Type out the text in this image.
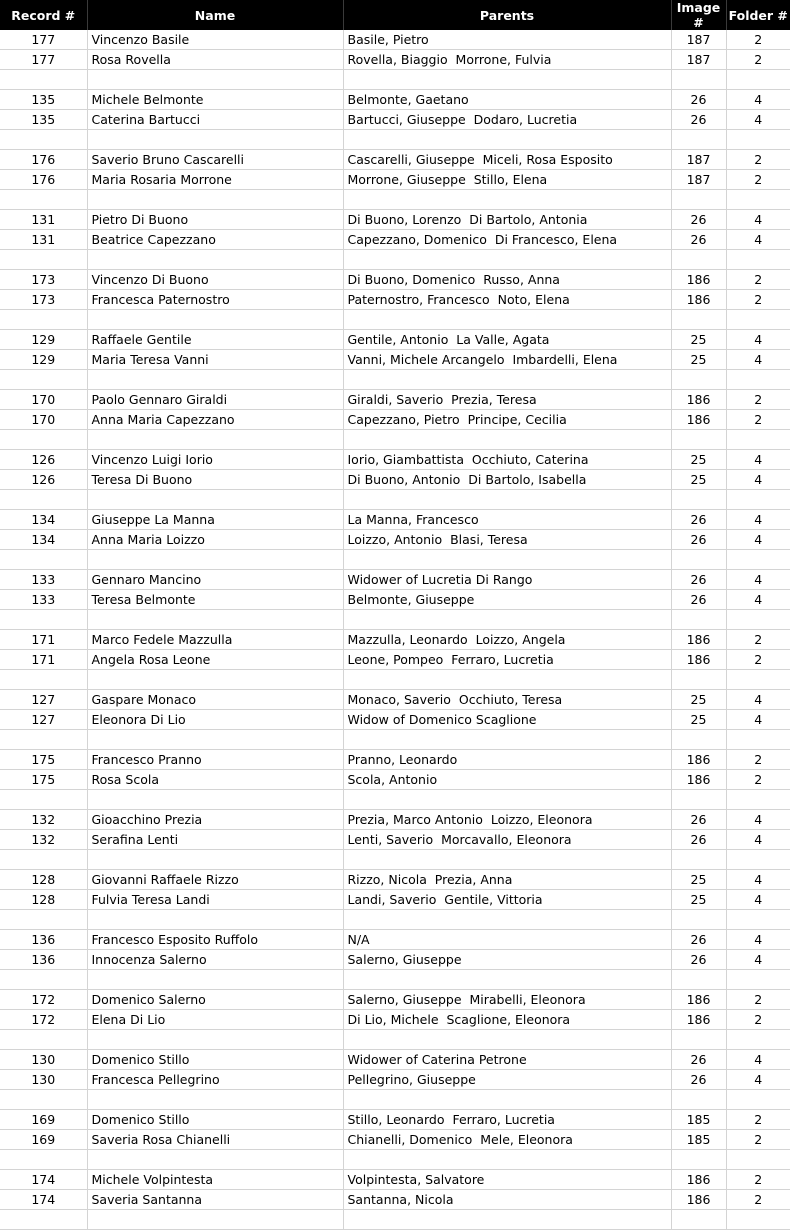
Record #	Name	Parents	Image #	Folder #
177	Vincenzo Basile	Basile, Pietro	187	2
177	Rosa Rovella	Rovella, Biaggio  Morrone, Fulvia	187	2

135	Michele Belmonte	Belmonte, Gaetano	26	4
135	Caterina Bartucci	Bartucci, Giuseppe  Dodaro, Lucretia	26	4

176	Saverio Bruno Cascarelli	Cascarelli, Giuseppe  Miceli, Rosa Esposito	187	2
176	Maria Rosaria Morrone	Morrone, Giuseppe  Stillo, Elena	187	2

131	Pietro Di Buono	Di Buono, Lorenzo  Di Bartolo, Antonia	26	4
131	Beatrice Capezzano	Capezzano, Domenico  Di Francesco, Elena	26	4

173	Vincenzo Di Buono	Di Buono, Domenico  Russo, Anna	186	2
173	Francesca Paternostro	Paternostro, Francesco  Noto, Elena	186	2

129	Raffaele Gentile	Gentile, Antonio  La Valle, Agata	25	4
129	Maria Teresa Vanni	Vanni, Michele Arcangelo  Imbardelli, Elena	25	4

170	Paolo Gennaro Giraldi	Giraldi, Saverio  Prezia, Teresa	186	2
170	Anna Maria Capezzano	Capezzano, Pietro  Principe, Cecilia	186	2

126	Vincenzo Luigi Iorio	Iorio, Giambattista  Occhiuto, Caterina	25	4
126	Teresa Di Buono	Di Buono, Antonio  Di Bartolo, Isabella	25	4

134	Giuseppe La Manna	La Manna, Francesco	26	4
134	Anna Maria Loizzo	Loizzo, Antonio  Blasi, Teresa	26	4

133	Gennaro Mancino	Widower of Lucretia Di Rango	26	4
133	Teresa Belmonte	Belmonte, Giuseppe	26	4

171	Marco Fedele Mazzulla	Mazzulla, Leonardo  Loizzo, Angela	186	2
171	Angela Rosa Leone	Leone, Pompeo  Ferraro, Lucretia	186	2

127	Gaspare Monaco	Monaco, Saverio  Occhiuto, Teresa	25	4
127	Eleonora Di Lio	Widow of Domenico Scaglione	25	4

175	Francesco Pranno	Pranno, Leonardo	186	2
175	Rosa Scola	Scola, Antonio	186	2

132	Gioacchino Prezia	Prezia, Marco Antonio  Loizzo, Eleonora	26	4
132	Serafina Lenti	Lenti, Saverio  Morcavallo, Eleonora	26	4

128	Giovanni Raffaele Rizzo	Rizzo, Nicola  Prezia, Anna	25	4
128	Fulvia Teresa Landi	Landi, Saverio  Gentile, Vittoria	25	4

136	Francesco Esposito Ruffolo	N/A	26	4
136	Innocenza Salerno	Salerno, Giuseppe	26	4

172	Domenico Salerno	Salerno, Giuseppe  Mirabelli, Eleonora	186	2
172	Elena Di Lio	Di Lio, Michele  Scaglione, Eleonora	186	2

130	Domenico Stillo	Widower of Caterina Petrone	26	4
130	Francesca Pellegrino	Pellegrino, Giuseppe	26	4

169	Domenico Stillo	Stillo, Leonardo  Ferraro, Lucretia	185	2
169	Saveria Rosa Chianelli	Chianelli, Domenico  Mele, Eleonora	185	2

174	Michele Volpintesta	Volpintesta, Salvatore	186	2
174	Saveria Santanna	Santanna, Nicola	186	2
